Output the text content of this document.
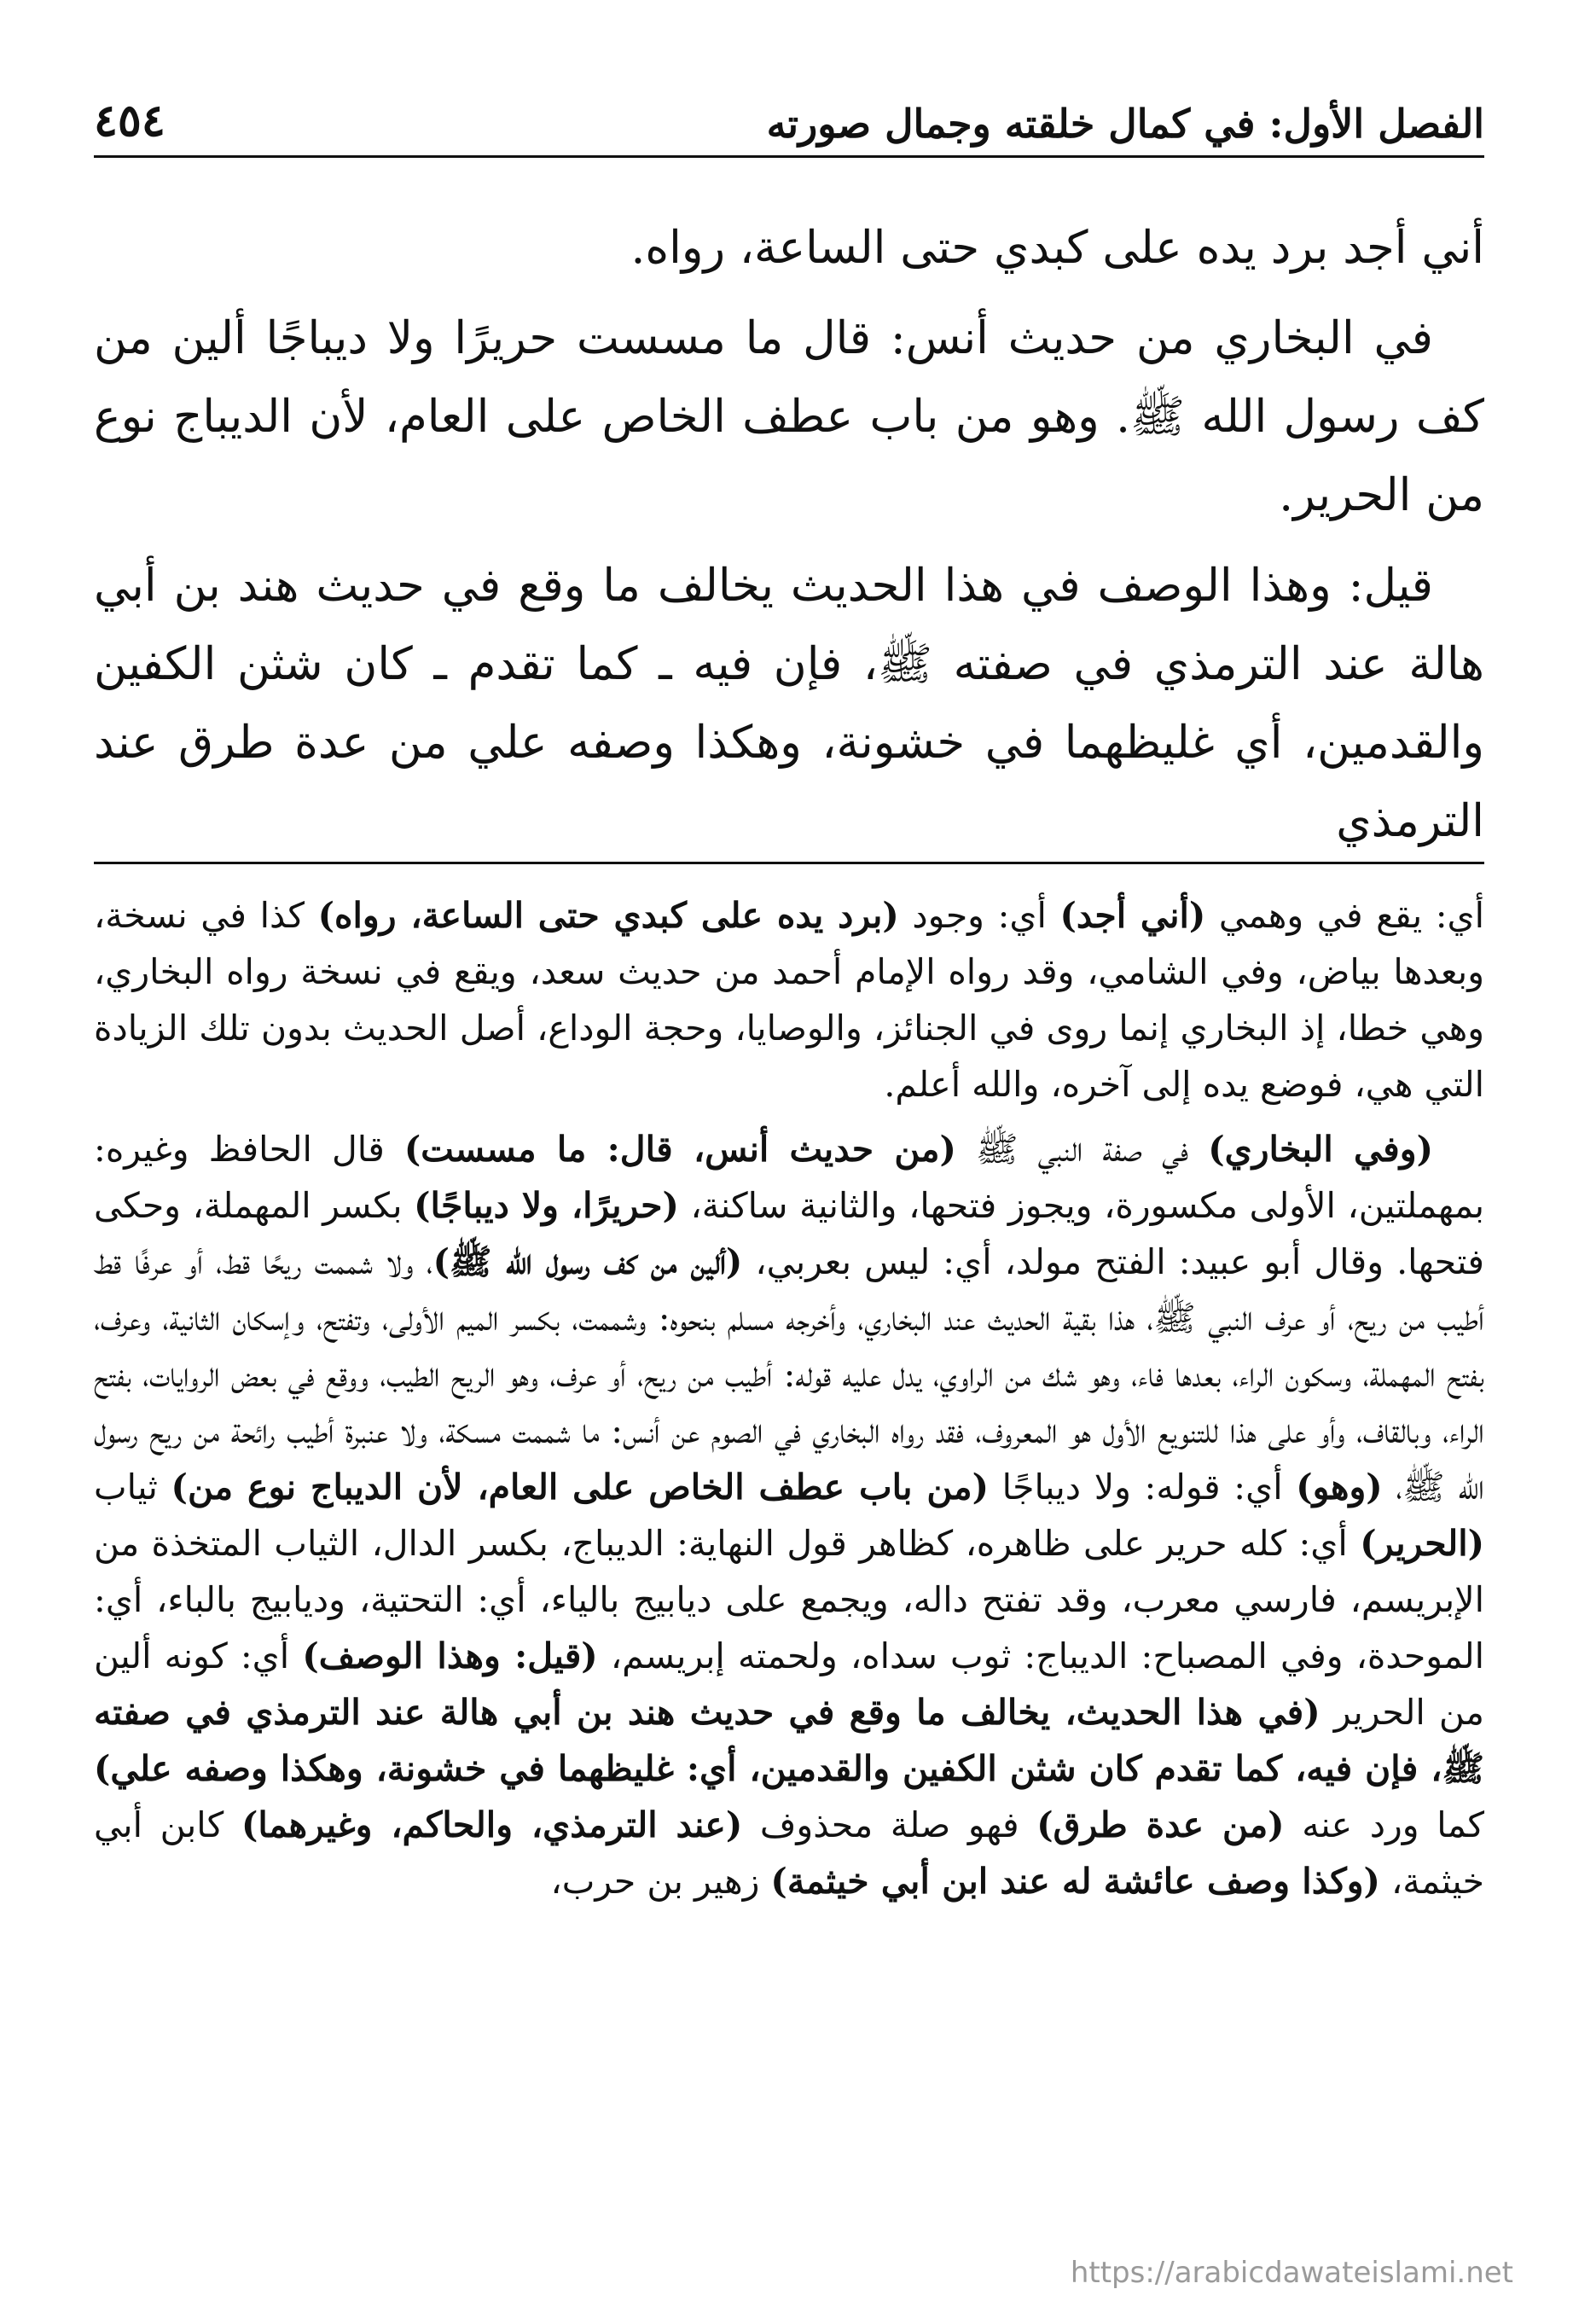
الفصل الأول: في كمال خلقته وجمال صورته
٤٥٤

أني أجد برد يده على كبدي حتى الساعة، رواه.

في البخاري من حديث أنس: قال ما مسست حريرًا ولا ديباجًا ألين من كف رسول الله ﷺ. وهو من باب عطف الخاص على العام، لأن الديباج نوع من الحرير.

قيل: وهذا الوصف في هذا الحديث يخالف ما وقع في حديث هند بن أبي هالة عند الترمذي في صفته ﷺ، فإن فيه ـ كما تقدم ـ كان شثن الكفين والقدمين، أي غليظهما في خشونة، وهكذا وصفه علي من عدة طرق عند الترمذي

أي: يقع في وهمي (أني أجد) أي: وجود (برد يده على كبدي حتى الساعة، رواه) كذا في نسخة، وبعدها بياض، وفي الشامي، وقد رواه الإمام أحمد من حديث سعد، ويقع في نسخة رواه البخاري، وهي خطا، إذ البخاري إنما روى في الجنائز، والوصايا، وحجة الوداع، أصل الحديث بدون تلك الزيادة التي هي، فوضع يده إلى آخره، والله أعلم.

(وفي البخاري) في صفة النبي ﷺ (من حديث أنس، قال: ما مسست) قال الحافظ وغيره: بمهملتين، الأولى مكسورة، ويجوز فتحها، والثانية ساكنة، (حريرًا، ولا ديباجًا) بكسر المهملة، وحكى فتحها. وقال أبو عبيد: الفتح مولد، أي: ليس بعربي، (ألين من كف رسول الله ﷺ)، ولا شممت ريحًا قط، أو عرفًا قط أطيب من ريح، أو عرف النبي ﷺ، هذا بقية الحديث عند البخاري، وأخرجه مسلم بنحوه: وشممت، بكسر الميم الأولى، وتفتح، وإسكان الثانية، وعرف، بفتح المهملة، وسكون الراء، بعدها فاء، وهو شك من الراوي، يدل عليه قوله: أطيب من ريح، أو عرف، وهو الريح الطيب، ووقع في بعض الروايات، بفتح الراء، وبالقاف، وأو على هذا للتنويع الأول هو المعروف، فقد رواه البخاري في الصوم عن أنس: ما شممت مسكة، ولا عنبرة أطيب رائحة من ريح رسول الله ﷺ، (وهو) أي: قوله: ولا ديباجًا (من باب عطف الخاص على العام، لأن الديباج نوع من) ثياب (الحرير) أي: كله حرير على ظاهره، كظاهر قول النهاية: الديباج، بكسر الدال، الثياب المتخذة من الإبريسم، فارسي معرب، وقد تفتح داله، ويجمع على ديابيج بالياء، أي: التحتية، وديابيج بالباء، أي: الموحدة، وفي المصباح: الديباج: ثوب سداه، ولحمته إبريسم، (قيل: وهذا الوصف) أي: كونه ألين من الحرير (في هذا الحديث، يخالف ما وقع في حديث هند بن أبي هالة عند الترمذي في صفته ﷺ، فإن فيه، كما تقدم كان شثن الكفين والقدمين، أي: غليظهما في خشونة، وهكذا وصفه علي) كما ورد عنه (من عدة طرق) فهو صلة محذوف (عند الترمذي، والحاكم، وغيرهما) كابن أبي خيثمة، (وكذا وصف عائشة له عند ابن أبي خيثمة) زهير بن حرب،

https://arabicdawateislami.net
